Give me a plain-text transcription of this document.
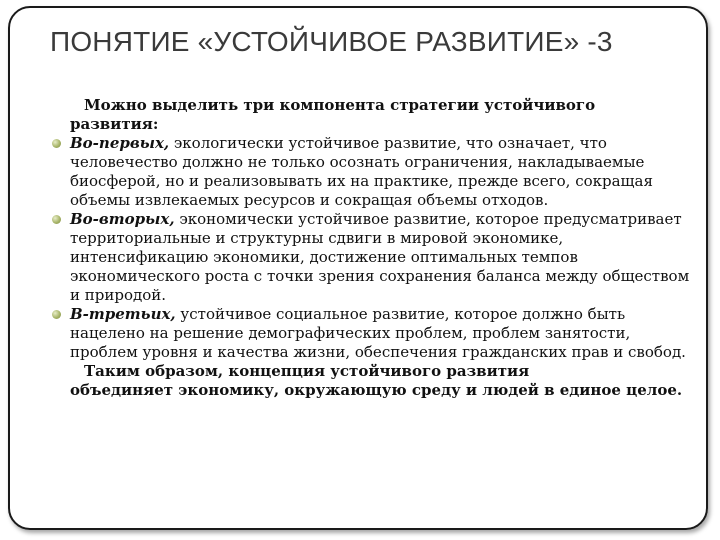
ПОНЯТИЕ «УСТОЙЧИВОЕ РАЗВИТИЕ» -3
Можно выделить три компонента стратегии устойчивого
развития:
Во-первых, экологически устойчивое развитие, что означает, что человечество должно не только осознать ограничения, накладываемые биосферой, но и реализовывать их на практике, прежде всего, сокращая объемы извлекаемых ресурсов и сокращая объемы отходов.
Во-вторых, экономически устойчивое развитие, которое предусматривает территориальные и структурны сдвиги в мировой экономике, интенсификацию экономики, достижение оптимальных темпов экономического роста с точки зрения сохранения баланса между обществом и природой.
В-третьих, устойчивое социальное развитие, которое должно быть нацелено на решение демографических проблем, проблем занятости, проблем уровня и качества жизни, обеспечения гражданских прав и свобод.
Таким образом, концепция устойчивого развития
объединяет экономику, окружающую среду и людей в единое целое.
